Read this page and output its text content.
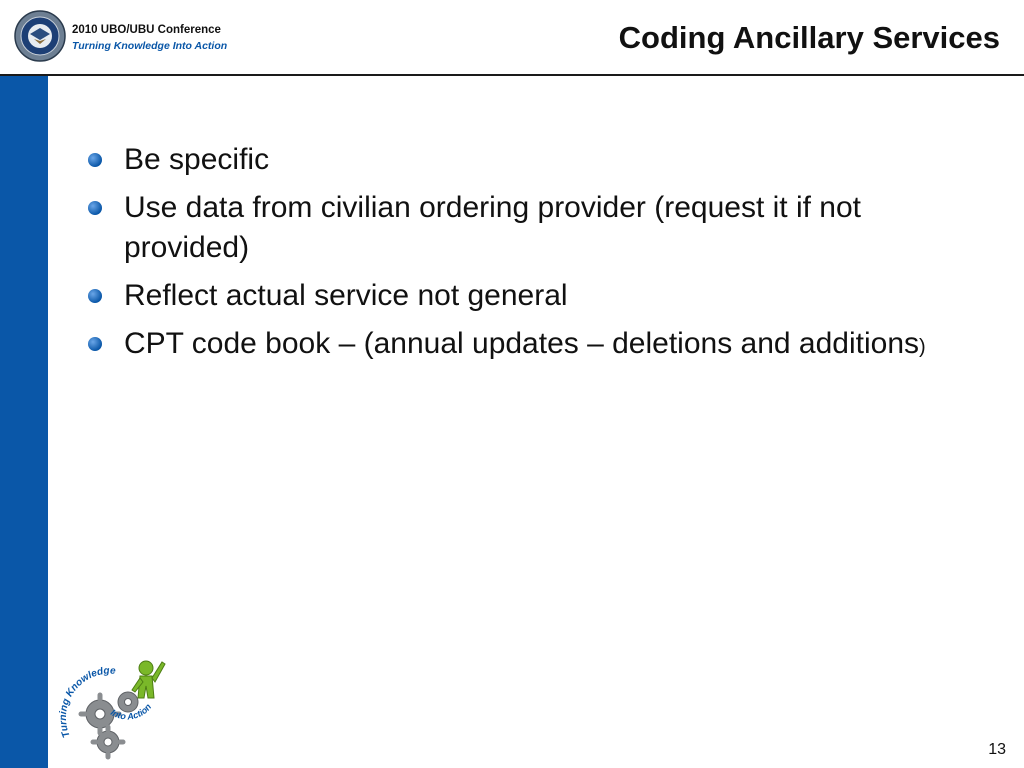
2010 UBO/UBU Conference
Turning Knowledge Into Action	Coding Ancillary Services
Be specific
Use data from civilian ordering provider (request it if not provided)
Reflect actual service not general
CPT code book – (annual updates – deletions and additions)
Turning Knowledge
Into Action
13
